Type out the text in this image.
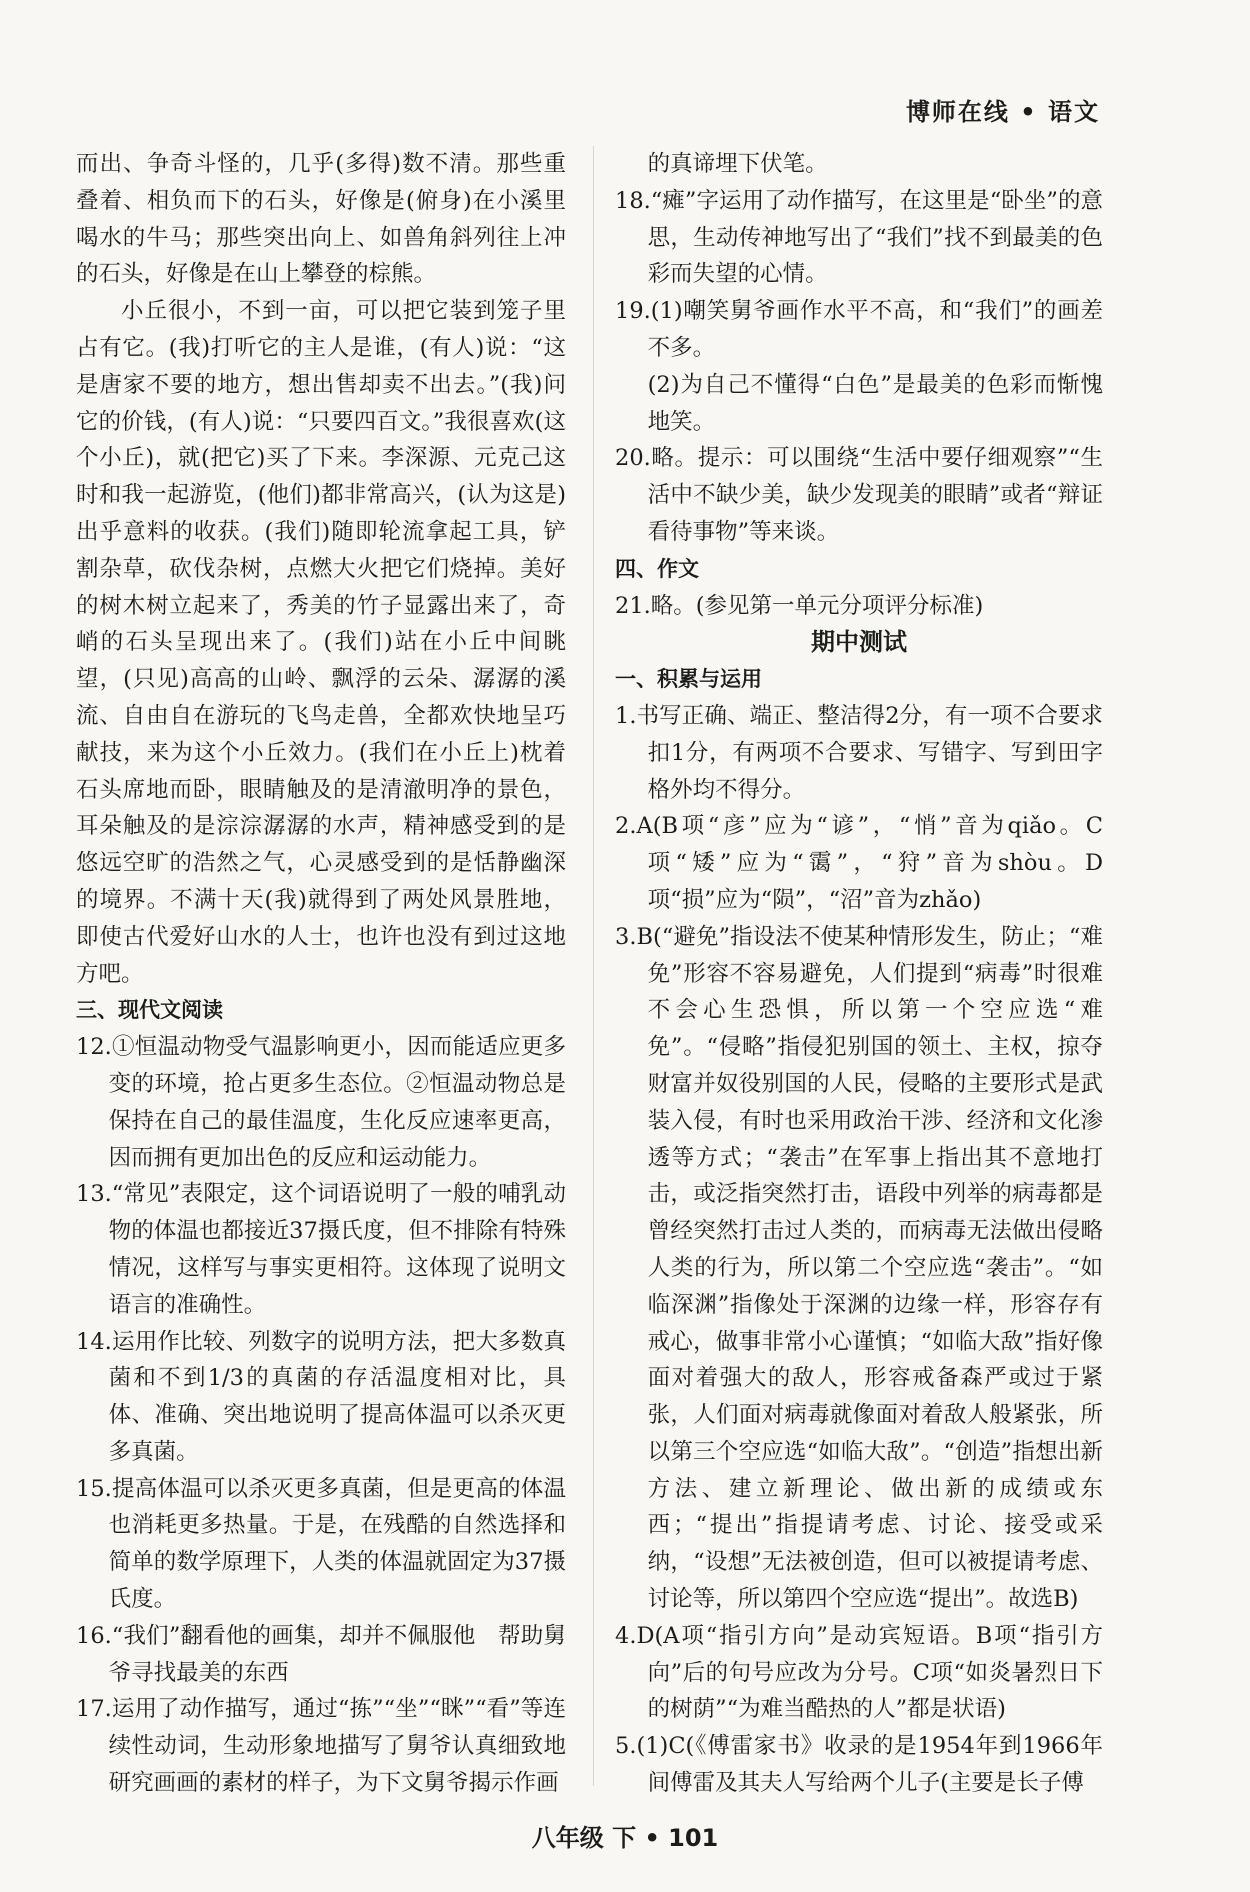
博师在线 • 语文

而出、争奇斗怪的，几乎(多得)数不清。那些重叠着、相负而下的石头，好像是(俯身)在小溪里喝水的牛马；那些突出向上、如兽角斜列往上冲的石头，好像是在山上攀登的棕熊。

小丘很小，不到一亩，可以把它装到笼子里占有它。(我)打听它的主人是谁，(有人)说：“这是唐家不要的地方，想出售却卖不出去。”(我)问它的价钱，(有人)说：“只要四百文。”我很喜欢(这个小丘)，就(把它)买了下来。李深源、元克己这时和我一起游览，(他们)都非常高兴，(认为这是)出乎意料的收获。(我们)随即轮流拿起工具，铲割杂草，砍伐杂树，点燃大火把它们烧掉。美好的树木树立起来了，秀美的竹子显露出来了，奇峭的石头呈现出来了。(我们)站在小丘中间眺望，(只见)高高的山岭、飘浮的云朵、潺潺的溪流、自由自在游玩的飞鸟走兽，全都欢快地呈巧献技，来为这个小丘效力。(我们在小丘上)枕着石头席地而卧，眼睛触及的是清澈明净的景色，耳朵触及的是淙淙潺潺的水声，精神感受到的是悠远空旷的浩然之气，心灵感受到的是恬静幽深的境界。不满十天(我)就得到了两处风景胜地，即使古代爱好山水的人士，也许也没有到过这地方吧。

三、现代文阅读

12.①恒温动物受气温影响更小，因而能适应更多变的环境，抢占更多生态位。②恒温动物总是保持在自己的最佳温度，生化反应速率更高，因而拥有更加出色的反应和运动能力。

13.“常见”表限定，这个词语说明了一般的哺乳动物的体温也都接近37摄氏度，但不排除有特殊情况，这样写与事实更相符。这体现了说明文语言的准确性。

14.运用作比较、列数字的说明方法，把大多数真菌和不到1/3的真菌的存活温度相对比，具体、准确、突出地说明了提高体温可以杀灭更多真菌。

15.提高体温可以杀灭更多真菌，但是更高的体温也消耗更多热量。于是，在残酷的自然选择和简单的数学原理下，人类的体温就固定为37摄氏度。

16.“我们”翻看他的画集，却并不佩服他　帮助舅爷寻找最美的东西

17.运用了动作描写，通过“拣”“坐”“眯”“看”等连续性动词，生动形象地描写了舅爷认真细致地研究画画的素材的样子，为下文舅爷揭示作画

的真谛埋下伏笔。

18.“瘫”字运用了动作描写，在这里是“卧坐”的意思，生动传神地写出了“我们”找不到最美的色彩而失望的心情。

19.(1)嘲笑舅爷画作水平不高，和“我们”的画差不多。

(2)为自己不懂得“白色”是最美的色彩而惭愧地笑。

20.略。提示：可以围绕“生活中要仔细观察”“生活中不缺少美，缺少发现美的眼睛”或者“辩证看待事物”等来谈。

四、作文

21.略。(参见第一单元分项评分标准)

期中测试

一、积累与运用

1.书写正确、端正、整洁得2分，有一项不合要求扣1分，有两项不合要求、写错字、写到田字格外均不得分。

2.A(B项“彦”应为“谚”，“悄”音为qiǎo。C项“矮”应为“霭”，“狩”音为shòu。D项“损”应为“陨”，“沼”音为zhǎo)

3.B(“避免”指设法不使某种情形发生，防止；“难免”形容不容易避免，人们提到“病毒”时很难不会心生恐惧，所以第一个空应选“难免”。“侵略”指侵犯别国的领土、主权，掠夺财富并奴役别国的人民，侵略的主要形式是武装入侵，有时也采用政治干涉、经济和文化渗透等方式；“袭击”在军事上指出其不意地打击，或泛指突然打击，语段中列举的病毒都是曾经突然打击过人类的，而病毒无法做出侵略人类的行为，所以第二个空应选“袭击”。“如临深渊”指像处于深渊的边缘一样，形容存有戒心，做事非常小心谨慎；“如临大敌”指好像面对着强大的敌人，形容戒备森严或过于紧张，人们面对病毒就像面对着敌人般紧张，所以第三个空应选“如临大敌”。“创造”指想出新方法、建立新理论、做出新的成绩或东西；“提出”指提请考虑、讨论、接受或采纳，“设想”无法被创造，但可以被提请考虑、讨论等，所以第四个空应选“提出”。故选B)

4.D(A项“指引方向”是动宾短语。B项“指引方向”后的句号应改为分号。C项“如炎暑烈日下的树荫”“为难当酷热的人”都是状语)

5.(1)C(《傅雷家书》收录的是1954年到1966年间傅雷及其夫人写给两个儿子(主要是长子傅

八年级 下 • 101
